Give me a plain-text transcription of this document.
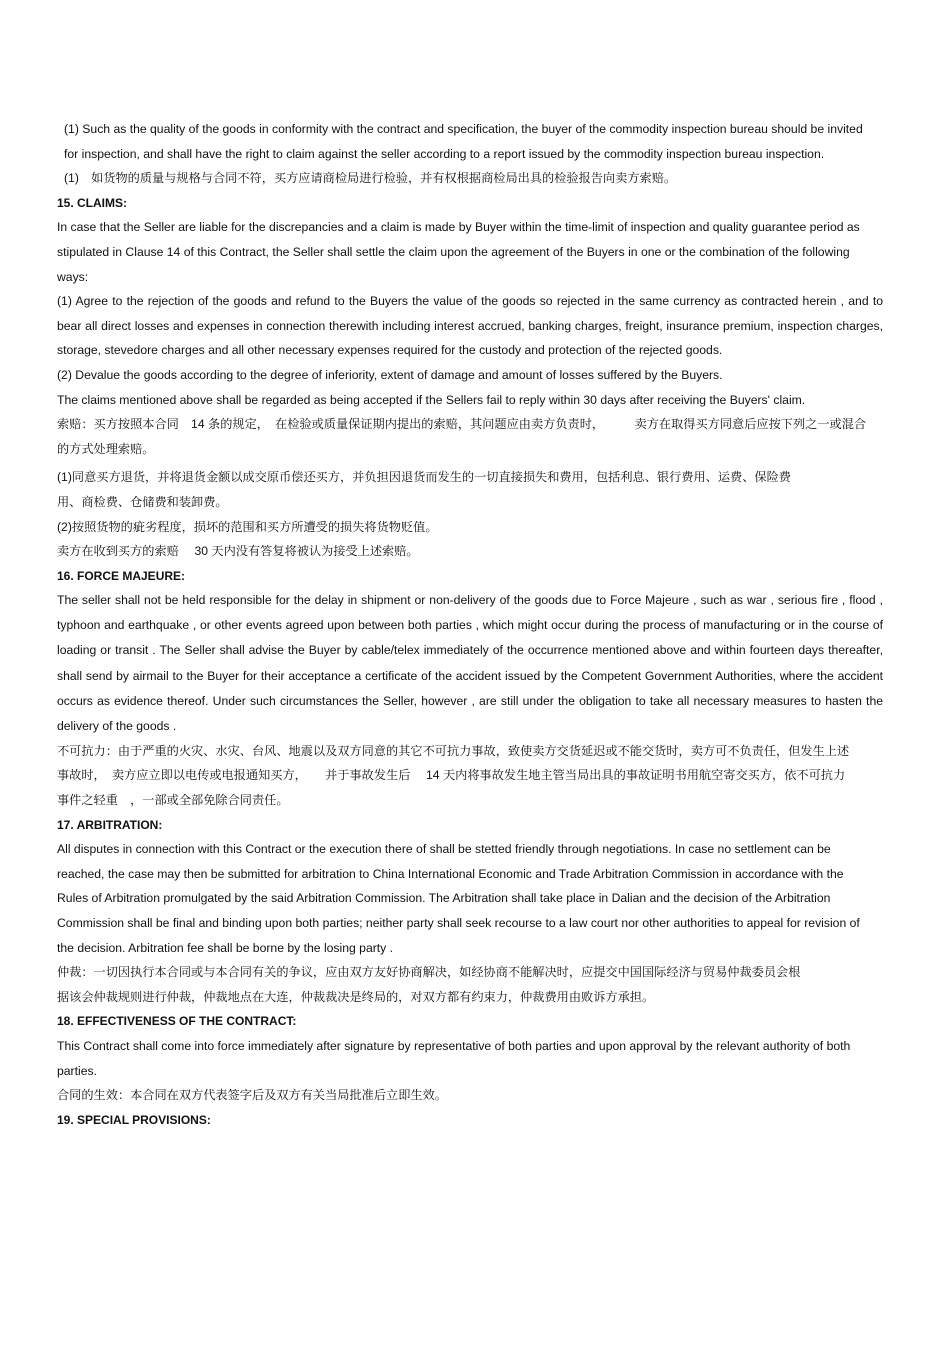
(1) Such as the quality of the goods in conformity with the contract and specification, the buyer of the commodity inspection bureau should be invited for inspection, and shall have the right to claim against the seller according to a report issued by the commodity inspection bureau inspection.

(1)　如货物的质量与规格与合同不符，买方应请商检局进行检验，并有权根据商检局出具的检验报告向卖方索赔。

15. CLAIMS:

In case that the Seller are liable for the discrepancies and a claim is made by Buyer within the time-limit of inspection and quality guarantee period as stipulated in Clause 14 of this Contract, the Seller shall settle the claim upon the agreement of the Buyers in one or the combination of the following ways:

(1) Agree to the rejection of the goods and refund to the Buyers the value of the goods so rejected in the same currency as contracted herein , and to bear all direct losses and expenses in connection therewith including interest accrued, banking charges, freight, insurance premium, inspection charges, storage, stevedore charges and all other necessary expenses required for the custody and protection of the rejected goods.

(2) Devalue the goods according to the degree of inferiority, extent of damage and amount of losses suffered by the Buyers.

The claims mentioned above shall be regarded as being accepted if the Sellers fail to reply within 30 days after receiving the Buyers' claim.

索赔：买方按照本合同　14 条的规定，　在检验或质量保证期内提出的索赔，其问题应由卖方负责时，　　　卖方在取得买方同意后应按下列之一或混合的方式处理索赔。

(1)同意买方退货，并将退货金额以成交原币偿还买方，并负担因退货而发生的一切直接损失和费用，包括利息、银行费用、运费、保险费用、商检费、仓储费和装卸费。

(2)按照货物的疵劣程度，损坏的范围和买方所遭受的损失将货物贬值。

卖方在收到买方的索赔　 30 天内没有答复将被认为接受上述索赔。

16. FORCE MAJEURE:

The seller shall not be held responsible for the delay in shipment or non-delivery of the goods due to Force Majeure , such as war , serious fire , flood , typhoon and earthquake , or other events agreed upon between both parties , which might occur during the process of manufacturing or in the course of loading or transit . The Seller shall advise the Buyer by cable/telex immediately of the occurrence mentioned above and within fourteen days thereafter, shall send by airmail to the Buyer for their acceptance a certificate of the accident issued by the Competent Government Authorities, where the accident occurs as evidence thereof. Under such circumstances the Seller, however , are still under the obligation to take all necessary measures to hasten the delivery of the goods .

不可抗力：由于严重的火灾、水灾、台风、地震以及双方同意的其它不可抗力事故，致使卖方交货延迟或不能交货时，卖方可不负责任，但发生上述事故时，　卖方应立即以电传或电报通知买方，　　并于事故发生后　 14 天内将事故发生地主管当局出具的事故证明书用航空寄交买方，依不可抗力事件之轻重　，一部或全部免除合同责任。

17. ARBITRATION:

All disputes in connection with this Contract or the execution there of shall be stetted friendly through negotiations. In case no settlement can be reached, the case may then be submitted for arbitration to China International Economic and Trade Arbitration Commission in accordance with the Rules of Arbitration promulgated by the said Arbitration Commission. The Arbitration shall take place in Dalian and the decision of the Arbitration Commission shall be final and binding upon both parties; neither party shall seek recourse to a law court nor other authorities to appeal for revision of the decision. Arbitration fee shall be borne by the losing party .

仲裁：一切因执行本合同或与本合同有关的争议，应由双方友好协商解决，如经协商不能解决时，应提交中国国际经济与贸易仲裁委员会根据该会仲裁规则进行仲裁，仲裁地点在大连，仲裁裁决是终局的，对双方都有约束力，仲裁费用由败诉方承担。

18. EFFECTIVENESS OF THE CONTRACT:

This Contract shall come into force immediately after signature by representative of both parties and upon approval by the relevant authority of both parties.

合同的生效：本合同在双方代表签字后及双方有关当局批准后立即生效。

19. SPECIAL PROVISIONS:
